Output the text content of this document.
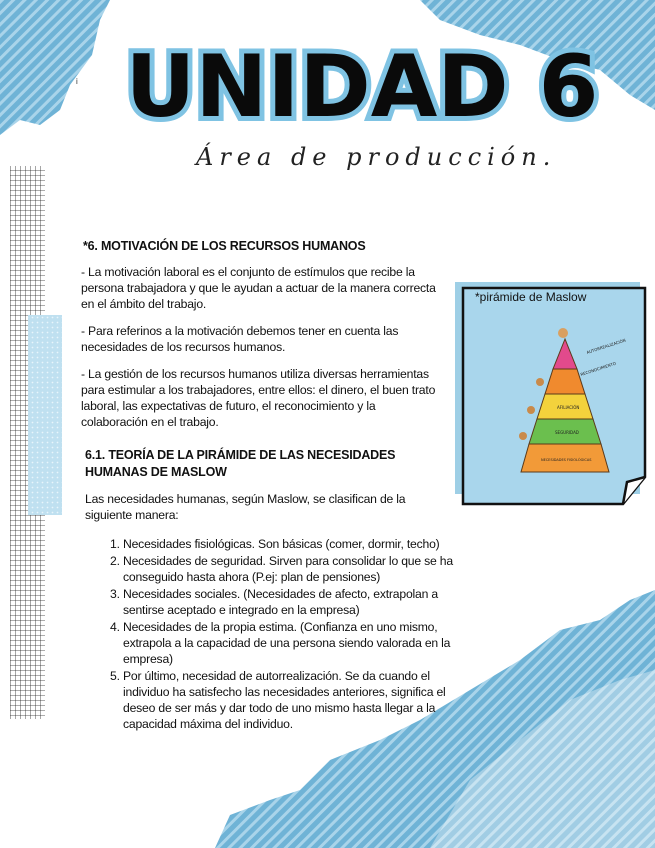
UNIDAD 6
i
Área de producción.
*6. MOTIVACIÓN DE LOS RECURSOS HUMANOS

- La motivación laboral es el conjunto de estímulos que recibe la persona trabajadora y que le ayudan a actuar de la manera correcta en el ámbito del trabajo.

- Para referinos a la motivación debemos tener en cuenta las necesidades de los recursos humanos.

- La gestión de los recursos humanos utiliza diversas herramientas para estimular a los trabajadores, entre ellos: el dinero, el buen trato laboral, las expectativas de futuro, el reconocimiento y la colaboración en el trabajo.

6.1. TEORÍA DE LA PIRÁMIDE DE LAS NECESIDADES HUMANAS DE MASLOW

Las necesidades humanas, según Maslow, se clasifican de la siguiente manera:

1. Necesidades fisiológicas. Son básicas (comer, dormir, techo)
2. Necesidades de seguridad. Sirven para consolidar lo que se ha conseguido hasta ahora (P.ej: plan de pensiones)
3. Necesidades sociales. (Necesidades de afecto, extrapolan a sentirse aceptado e integrado en la empresa)
4. Necesidades de la propia estima. (Confianza en uno mismo, extrapola a la capacidad de una persona siendo valorada en la empresa)
5. Por último, necesidad de autorrealización. Se da cuando el individuo ha satisfecho las necesidades anteriores, significa el deseo de ser más y dar todo de uno mismo hasta llegar a la capacidad máxima del individuo.
AUTORREALIZACIÓN
RECONOCIMIENTO
AFILIACIÓN
SEGURIDAD
NECESIDADES FISIOLÓGICAS
*pirámide de Maslow
